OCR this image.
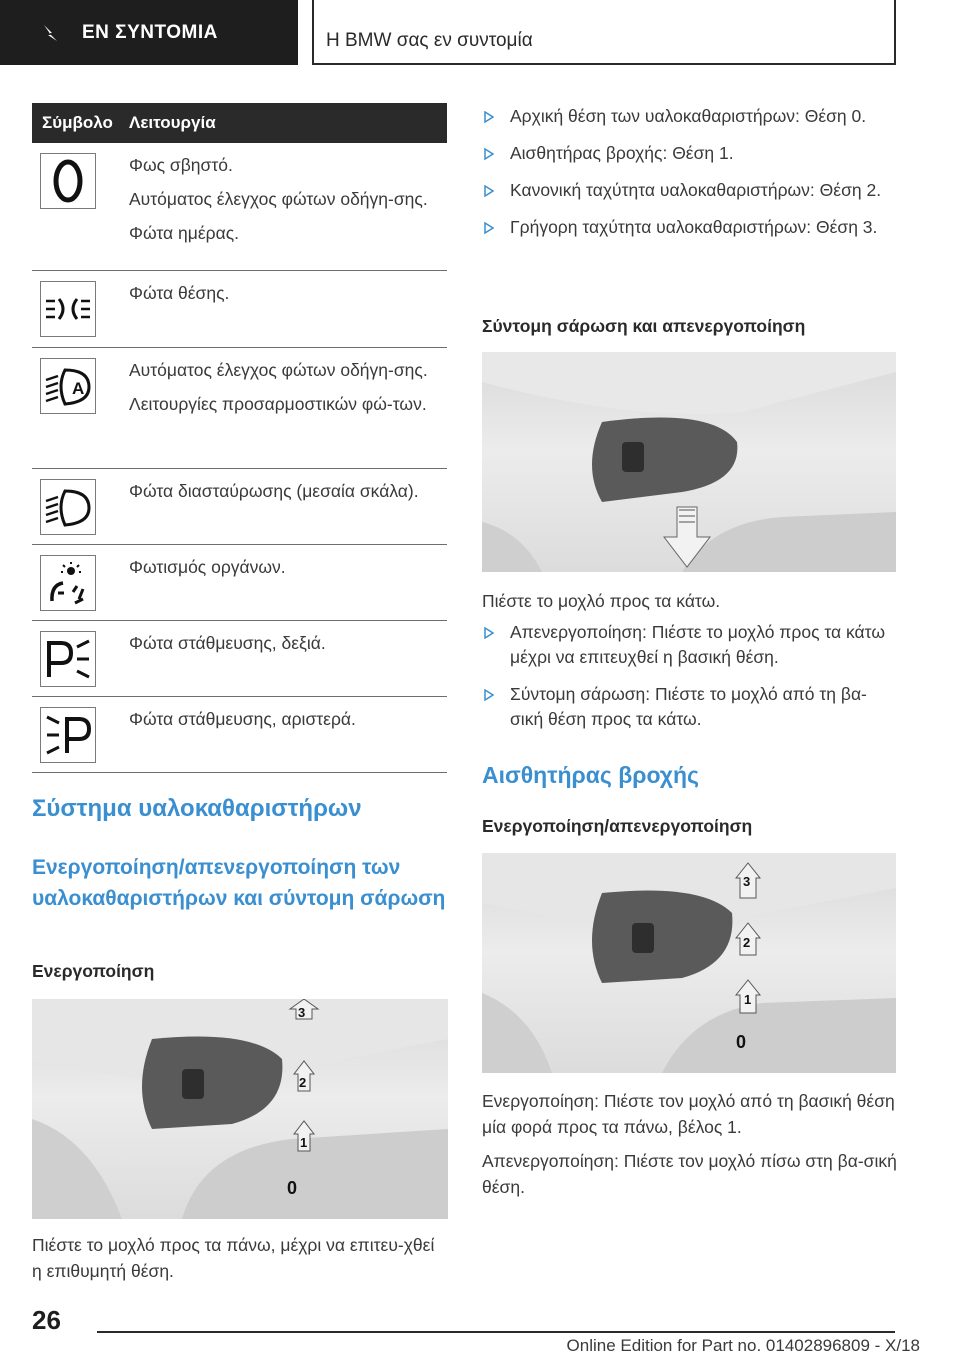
ΕΝ ΣΥΝΤΟΜΙΑ	Η BMW σας εν συντομία
Σύμβολο Λειτουργία

Φως σβηστό.

Αυτόματος έλεγχος φώτων οδήγη-σης.

Φώτα ημέρας.

Φώτα θέσης.

A

Αυτόματος έλεγχος φώτων οδήγη-σης.

Λειτουργίες προσαρμοστικών φώ-των.

Φώτα διασταύρωσης (μεσαία σκάλα).

Φωτισμός οργάνων.

Φώτα στάθμευσης, δεξιά.

Φώτα στάθμευσης, αριστερά.

Σύστημα υαλοκαθαριστήρων
Ενεργοποίηση/απενεργοποίηση των υαλοκαθαριστήρων και σύντομη σάρωση
Ενεργοποίηση
3
2
1
0
Πιέστε το μοχλό προς τα πάνω, μέχρι να επιτευ-χθεί η επιθυμητή θέση.
Αρχική θέση των υαλοκαθαριστήρων: Θέση 0.
Αισθητήρας βροχής: Θέση 1.
Κανονική ταχύτητα υαλοκαθαριστήρων: Θέση 2.
Γρήγορη ταχύτητα υαλοκαθαριστήρων: Θέση 3.
Σύντομη σάρωση και απενεργοποίηση
Πιέστε το μοχλό προς τα κάτω.
Απενεργοποίηση: Πιέστε το μοχλό προς τα κάτω μέχρι να επιτευχθεί η βασική θέση.
Σύντομη σάρωση: Πιέστε το μοχλό από τη βα-σική θέση προς τα κάτω.
Αισθητήρας βροχής
Ενεργοποίηση/απενεργοποίηση
3
2
1
0

Ενεργοποίηση: Πιέστε τον μοχλό από τη βασική θέση μία φορά προς τα πάνω, βέλος 1.

Απενεργοποίηση: Πιέστε τον μοχλό πίσω στη βα-σική θέση.

26
Online Edition for Part no. 01402896809 - X/18
